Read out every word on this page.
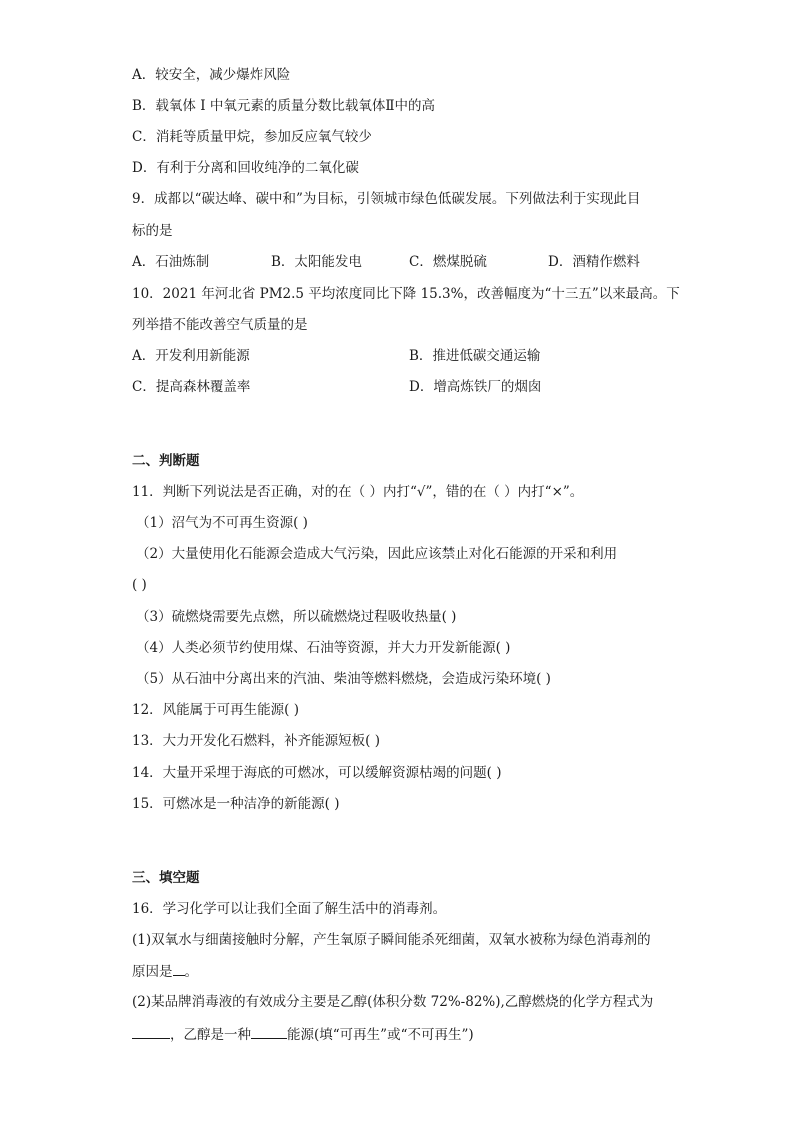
A．较安全，减少爆炸风险
B．载氧体 I 中氧元素的质量分数比载氧体Ⅱ中的高
C．消耗等质量甲烷，参加反应氧气较少
D．有利于分离和回收纯净的二氧化碳
9．成都以“碳达峰、碳中和”为目标，引领城市绿色低碳发展。下列做法利于实现此目
标的是
A．石油炼制	B．太阳能发电	C．燃煤脱硫	D．酒精作燃料
10．2021 年河北省 PM2.5 平均浓度同比下降 15.3%，改善幅度为“十三五”以来最高。下
列举措不能改善空气质量的是
A．开发利用新能源	B．推进低碳交通运输
C．提高森林覆盖率	D．增高炼铁厂的烟囱
二、判断题
11．判断下列说法是否正确，对的在（ ）内打“√”，错的在（ ）内打“×”。
（1）沼气为不可再生资源( )
（2）大量使用化石能源会造成大气污染，因此应该禁止对化石能源的开采和利用
( )
（3）硫燃烧需要先点燃，所以硫燃烧过程吸收热量( )
（4）人类必须节约使用煤、石油等资源，并大力开发新能源( )
（5）从石油中分离出来的汽油、柴油等燃料燃烧，会造成污染环境( )
12．风能属于可再生能源( )
13．大力开发化石燃料，补齐能源短板( )
14．大量开采埋于海底的可燃冰，可以缓解资源枯竭的问题( )
15．可燃冰是一种洁净的新能源( )
三、填空题
16．学习化学可以让我们全面了解生活中的消毒剂。
(1)双氧水与细菌接触时分解，产生氧原子瞬间能杀死细菌，双氧水被称为绿色消毒剂的
原因是 。
(2)某品牌消毒液的有效成分主要是乙醇(体积分数 72%-82%),乙醇燃烧的化学方程式为
，乙醇是一种	能源(填“可再生”或“不可再生”)
